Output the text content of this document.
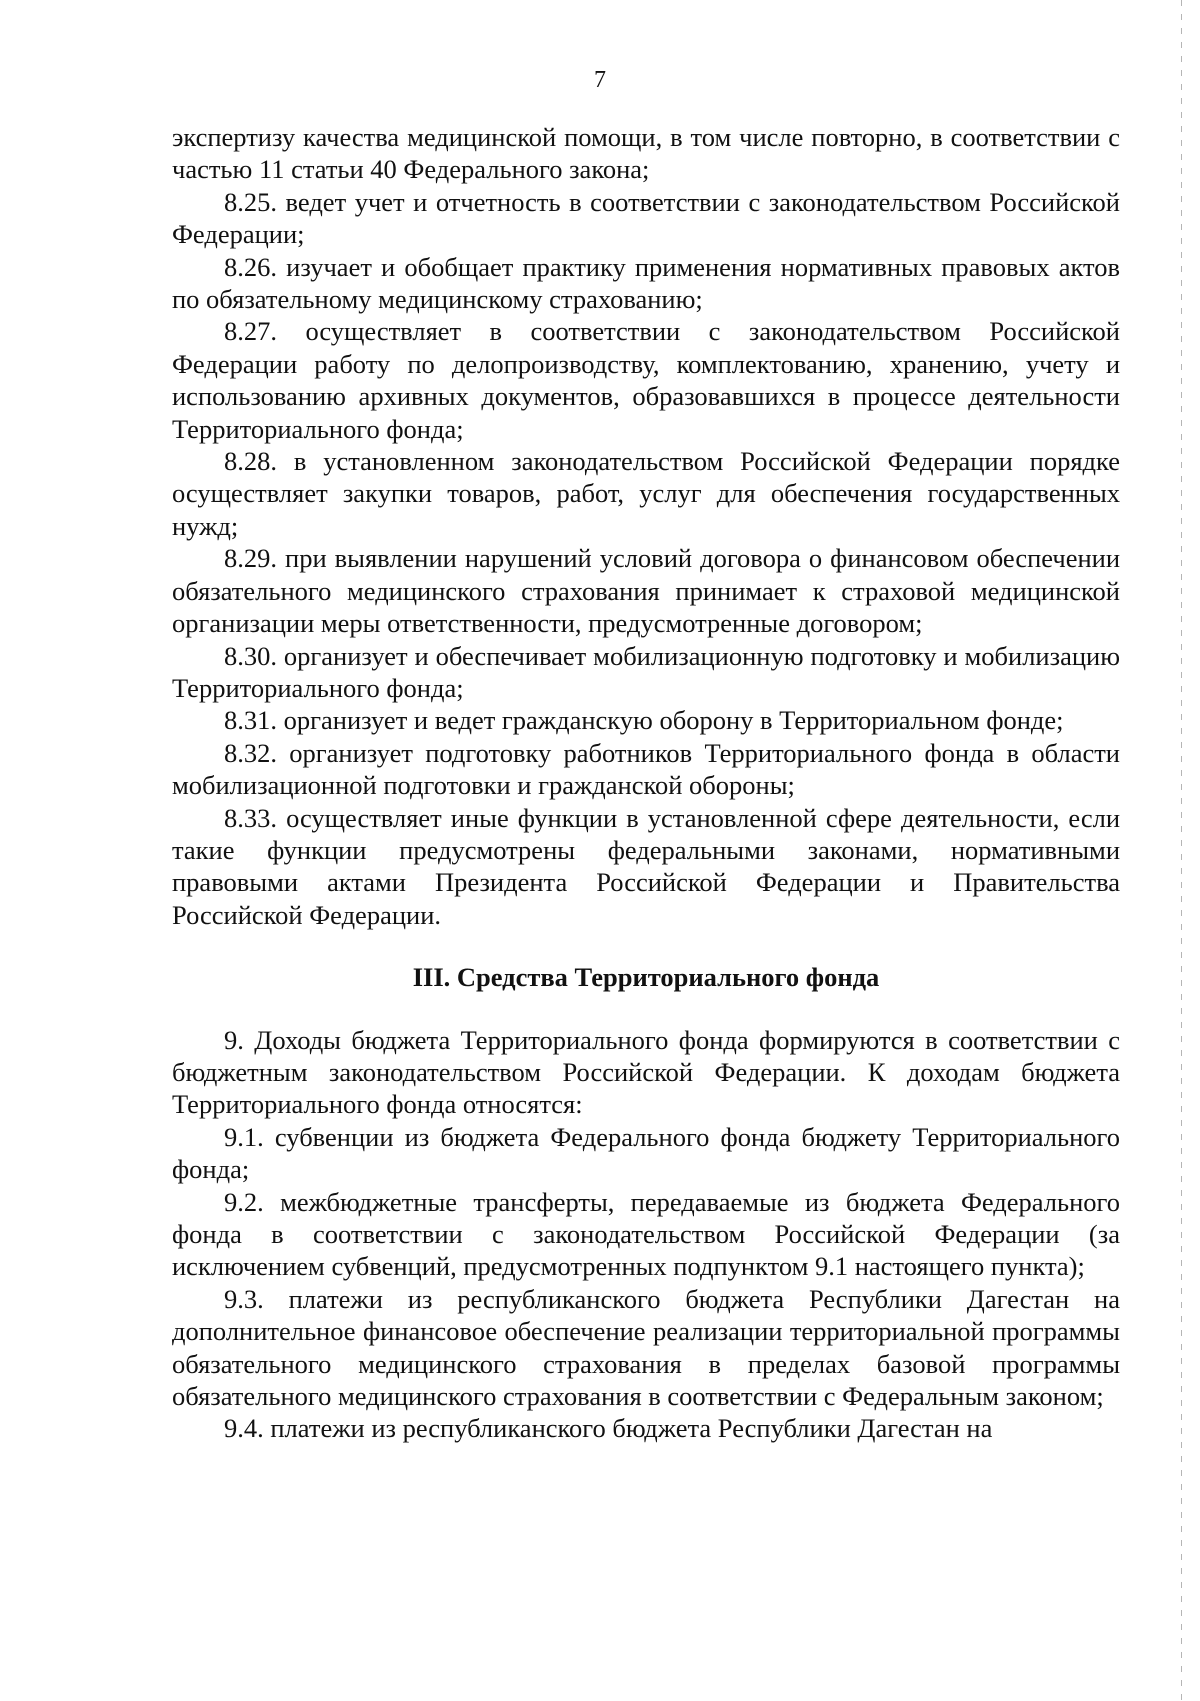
7

экспертизу качества медицинской помощи, в том числе повторно, в соответствии с частью 11 статьи 40 Федерального закона;

8.25. ведет учет и отчетность в соответствии с законодательством Российской Федерации;

8.26. изучает и обобщает практику применения нормативных правовых актов по обязательному медицинскому страхованию;

8.27. осуществляет в соответствии с законодательством Российской Федерации работу по делопроизводству, комплектованию, хранению, учету и использованию архивных документов, образовавшихся в процессе деятельности Территориального фонда;

8.28. в установленном законодательством Российской Федерации порядке осуществляет закупки товаров, работ, услуг для обеспечения государственных нужд;

8.29. при выявлении нарушений условий договора о финансовом обеспечении обязательного медицинского страхования принимает к страховой медицинской организации меры ответственности, предусмотренные договором;

8.30. организует и обеспечивает мобилизационную подготовку и мобилизацию Территориального фонда;

8.31. организует и ведет гражданскую оборону в Территориальном фонде;

8.32. организует подготовку работников Территориального фонда в области мобилизационной подготовки и гражданской обороны;

8.33. осуществляет иные функции в установленной сфере деятельности, если такие функции предусмотрены федеральными законами, нормативными правовыми актами Президента Российской Федерации и Правительства Российской Федерации.

III. Средства Территориального фонда

9. Доходы бюджета Территориального фонда формируются в соответствии с бюджетным законодательством Российской Федерации. К доходам бюджета Территориального фонда относятся:

9.1. субвенции из бюджета Федерального фонда бюджету Территориального фонда;

9.2. межбюджетные трансферты, передаваемые из бюджета Федерального фонда в соответствии с законодательством Российской Федерации (за исключением субвенций, предусмотренных подпунктом 9.1 настоящего пункта);

9.3. платежи из республиканского бюджета Республики Дагестан на дополнительное финансовое обеспечение реализации территориальной программы обязательного медицинского страхования в пределах базовой программы обязательного медицинского страхования в соответствии с Федеральным законом;

9.4. платежи из республиканского бюджета Республики Дагестан на
